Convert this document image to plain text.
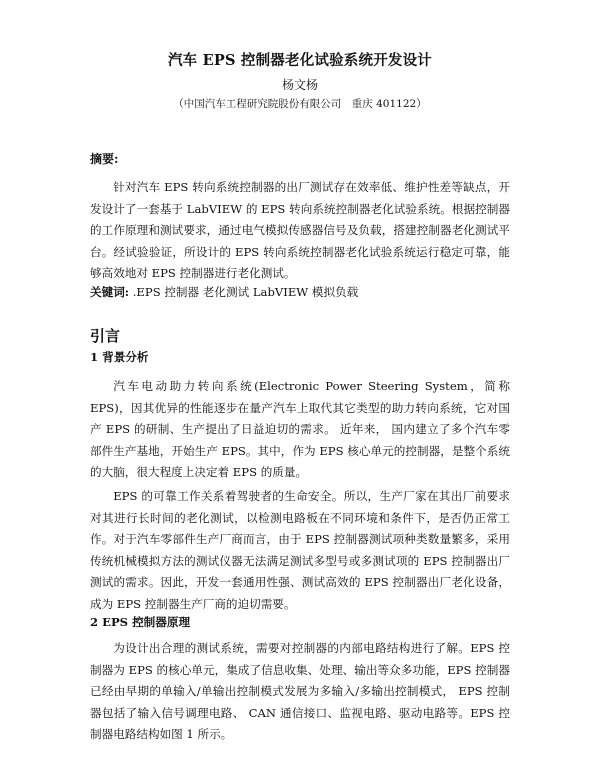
汽车 EPS 控制器老化试验系统开发设计
杨文杨
（中国汽车工程研究院股份有限公司　重庆 401122）
摘要:

针对汽车 EPS 转向系统控制器的出厂测试存在效率低、维护性差等缺点，开发设计了一套基于 LabVIEW 的 EPS 转向系统控制器老化试验系统。根据控制器的工作原理和测试要求，通过电气模拟传感器信号及负载，搭建控制器老化测试平台。经试验验证，所设计的 EPS 转向系统控制器老化试验系统运行稳定可靠，能够高效地对 EPS 控制器进行老化测试。

关键词: .EPS 控制器 老化测试 LabVIEW 模拟负载
引言
1 背景分析

汽车电动助力转向系统(Electronic Power Steering System，简称 EPS)，因其优异的性能逐步在量产汽车上取代其它类型的助力转向系统，它对国产 EPS 的研制、生产提出了日益迫切的需求。 近年来， 国内建立了多个汽车零部件生产基地，开始生产 EPS。其中，作为 EPS 核心单元的控制器，是整个系统的大脑，很大程度上决定着 EPS 的质量。

EPS 的可靠工作关系着驾驶者的生命安全。所以，生产厂家在其出厂前要求对其进行长时间的老化测试，以检测电路板在不同环境和条件下，是否仍正常工作。对于汽车零部件生产厂商而言，由于 EPS 控制器测试项种类数量繁多，采用传统机械模拟方法的测试仪器无法满足测试多型号或多测试项的 EPS 控制器出厂测试的需求。因此，开发一套通用性强、测试高效的 EPS 控制器出厂老化设备，成为 EPS 控制器生产厂商的迫切需要。

2 EPS 控制器原理

为设计出合理的测试系统，需要对控制器的内部电路结构进行了解。EPS 控制器为 EPS 的核心单元，集成了信息收集、处理、输出等众多功能，EPS 控制器已经由早期的单输入/单输出控制模式发展为多输入/多输出控制模式， EPS 控制器包括了输入信号调理电路、 CAN 通信接口、监视电路、驱动电路等。EPS 控制器电路结构如图 1 所示。
